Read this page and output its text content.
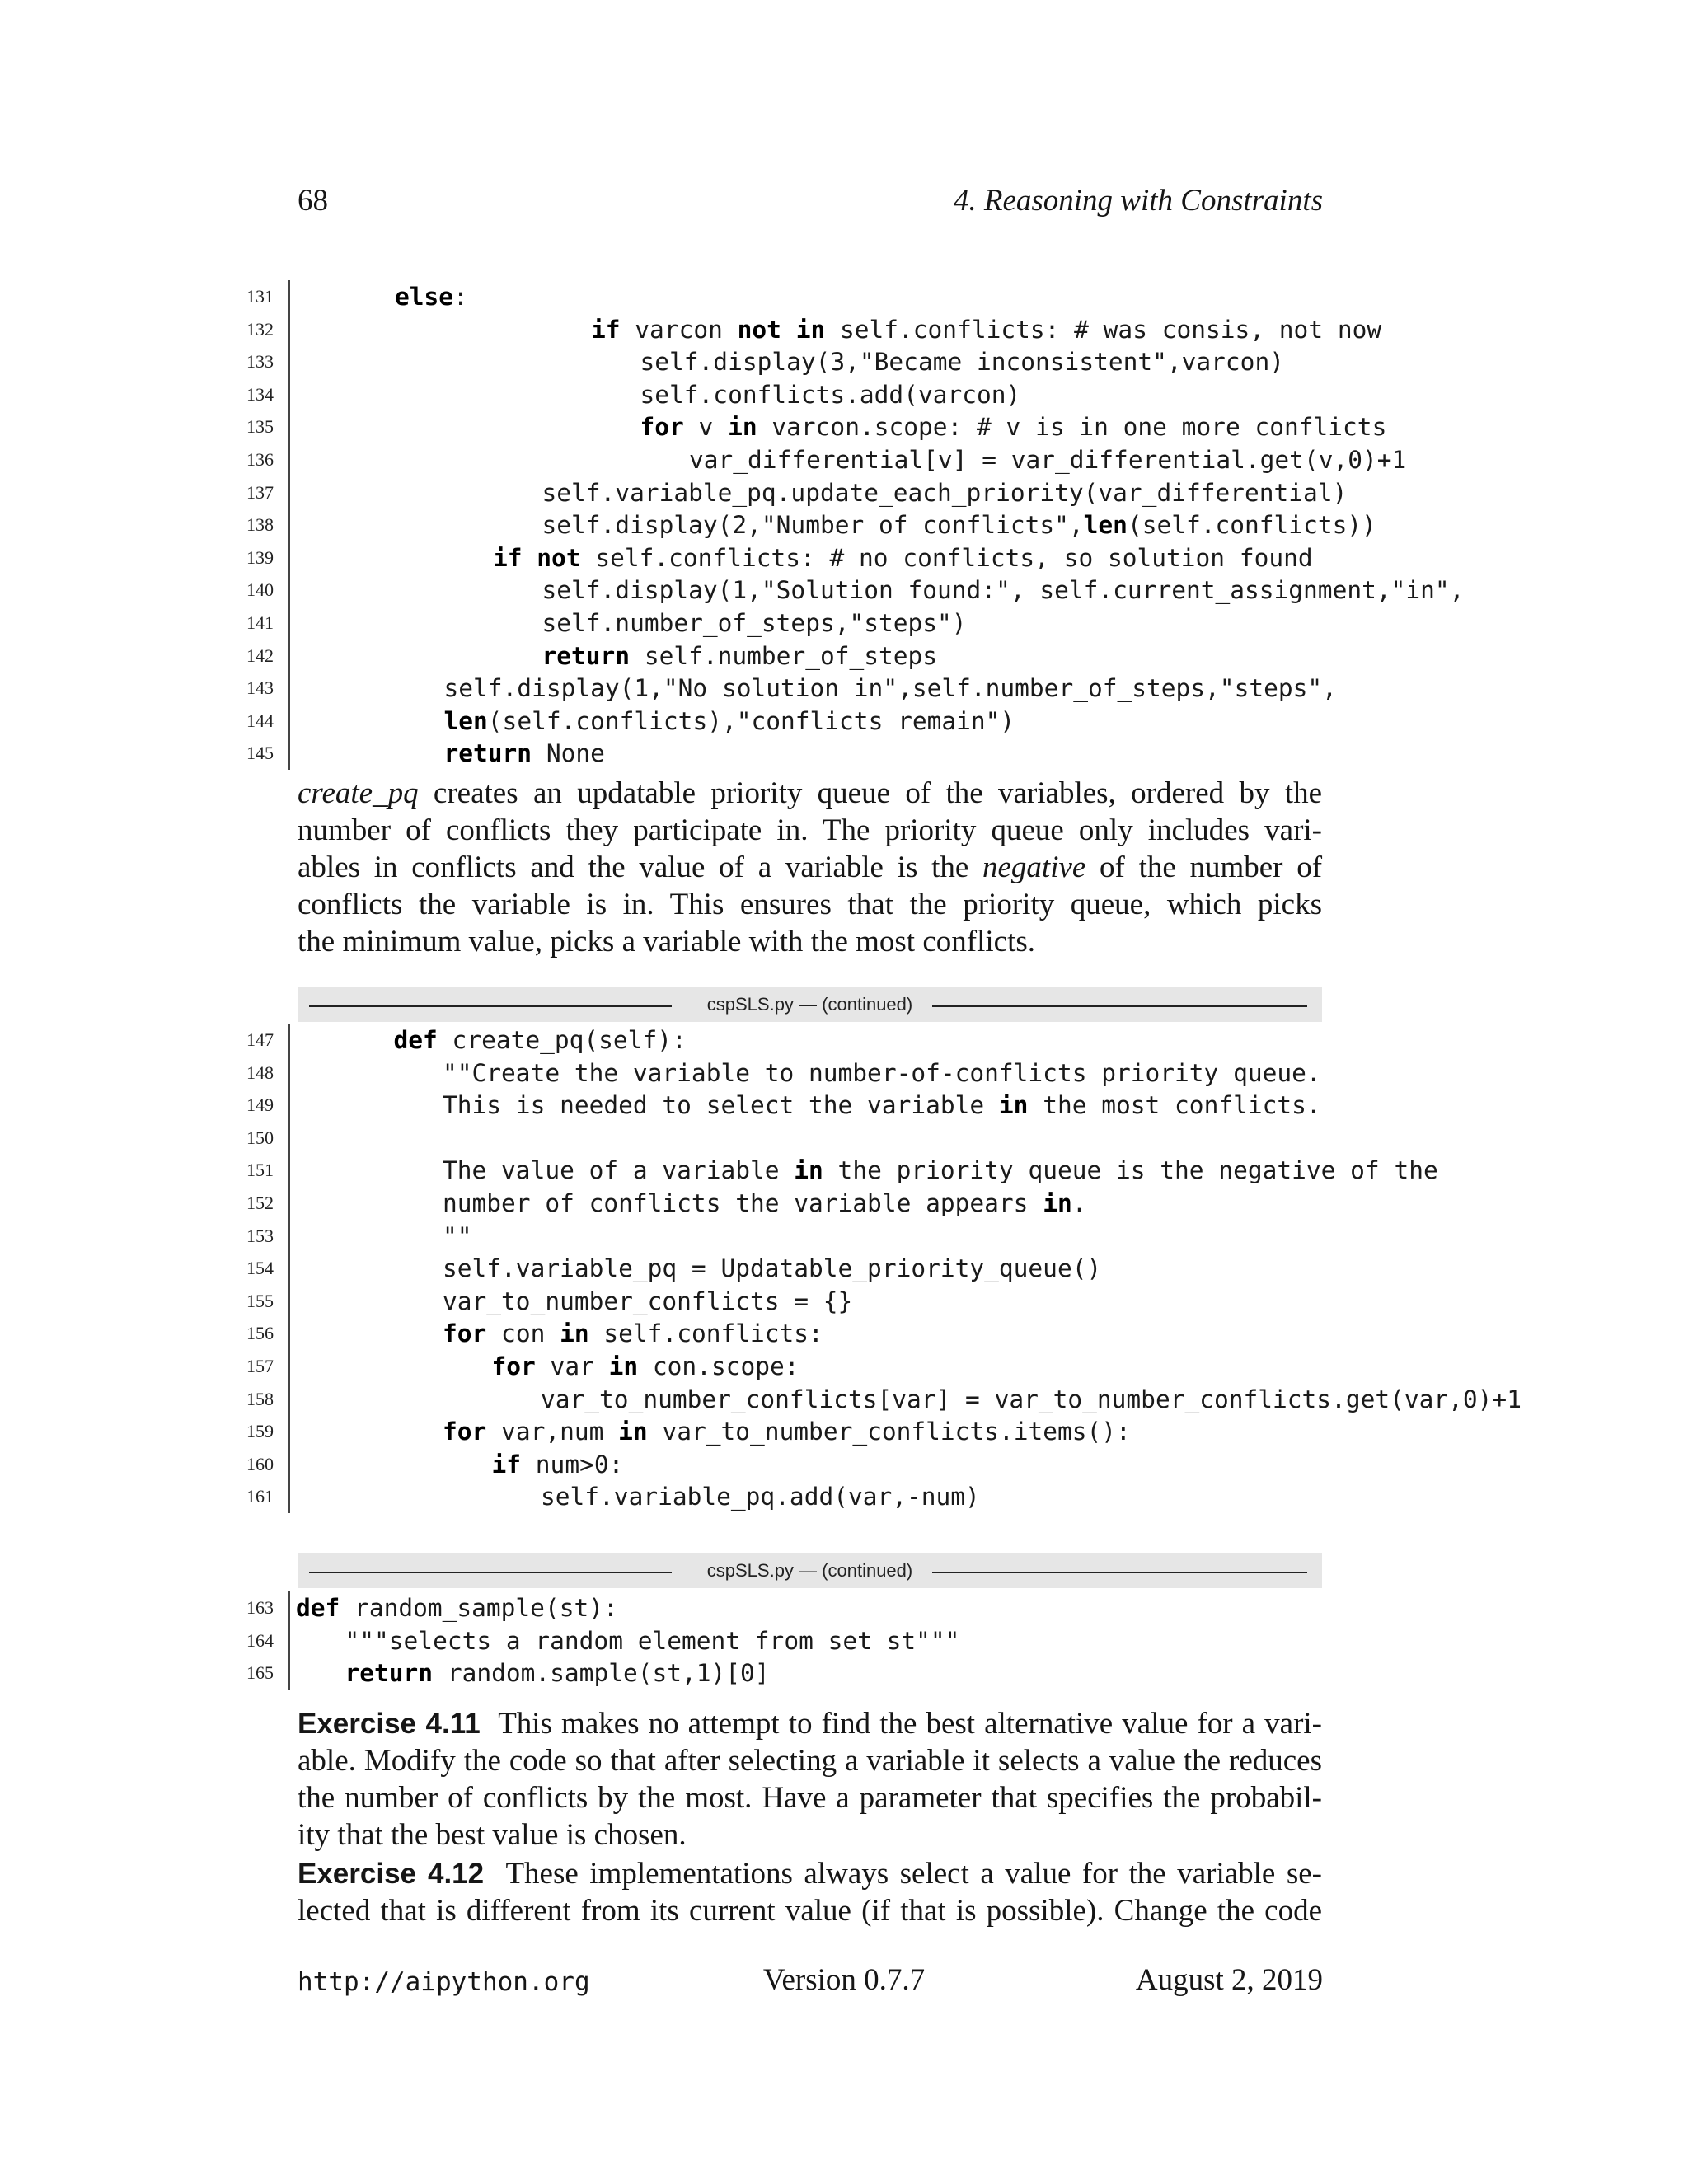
68	4. Reasoning with Constraints
131	else:
132	if varcon not in self.conflicts: # was consis, not now
133	self.display(3,"Became inconsistent",varcon)
134	self.conflicts.add(varcon)
135	for v in varcon.scope: # v is in one more conflicts
136	var_differential[v] = var_differential.get(v,0)+1
137	self.variable_pq.update_each_priority(var_differential)
138	self.display(2,"Number of conflicts",len(self.conflicts))
139	if not self.conflicts: # no conflicts, so solution found
140	self.display(1,"Solution found:", self.current_assignment,"in",
141	self.number_of_steps,"steps")
142	return self.number_of_steps
143	self.display(1,"No solution in",self.number_of_steps,"steps",
144	len(self.conflicts),"conflicts remain")
145	return None
create_pq creates an updatable priority queue of the variables, ordered by the
number of conflicts they participate in. The priority queue only includes vari-
ables in conflicts and the value of a variable is the negative of the number of
conflicts the variable is in. This ensures that the priority queue, which picks
the minimum value, picks a variable with the most conflicts.
cspSLS.py — (continued)
147	def create_pq(self):
148	""Create the variable to number-of-conflicts priority queue.
149	This is needed to select the variable in the most conflicts.
150
151	The value of a variable in the priority queue is the negative of the
152	number of conflicts the variable appears in.
153	""
154	self.variable_pq = Updatable_priority_queue()
155	var_to_number_conflicts = {}
156	for con in self.conflicts:
157	for var in con.scope:
158	var_to_number_conflicts[var] = var_to_number_conflicts.get(var,0)+1
159	for var,num in var_to_number_conflicts.items():
160	if num>0:
161	self.variable_pq.add(var,-num)
cspSLS.py — (continued)
163 def random_sample(st):
164	"""selects a random element from set st"""
165	return random.sample(st,1)[0]
Exercise 4.11 This makes no attempt to find the best alternative value for a vari-
able. Modify the code so that after selecting a variable it selects a value the reduces
the number of conflicts by the most. Have a parameter that specifies the probabil-
ity that the best value is chosen.
Exercise 4.12 These implementations always select a value for the variable se-
lected that is different from its current value (if that is possible). Change the code
http://aipython.org	Version 0.7.7	August 2, 2019
